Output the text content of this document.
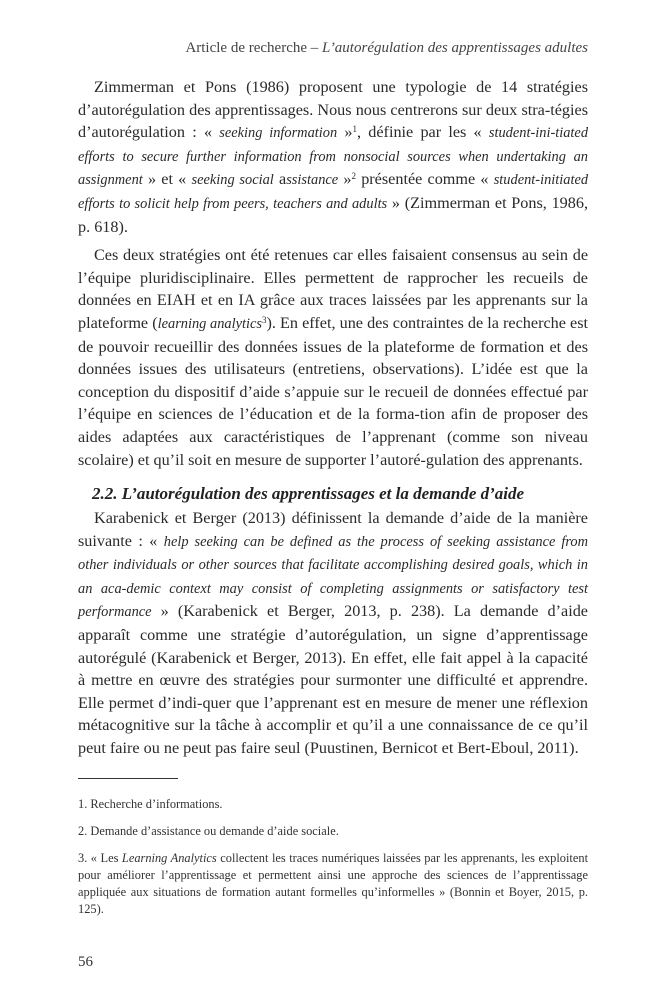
Article de recherche – L’autorégulation des apprentissages adultes

Zimmerman et Pons (1986) proposent une typologie de 14 stratégies d’autorégulation des apprentissages. Nous nous centrerons sur deux stra-tégies d’autorégulation : « seeking information »$^1$, définie par les « student-ini-tiated efforts to secure further information from nonsocial sources when undertaking an assignment » et « seeking social assistance »$^2$ présentée comme « student-initiated efforts to solicit help from peers, teachers and adults » (Zimmerman et Pons, 1986, p. 618).

Ces deux stratégies ont été retenues car elles faisaient consensus au sein de l’équipe pluridisciplinaire. Elles permettent de rapprocher les recueils de données en EIAH et en IA grâce aux traces laissées par les apprenants sur la plateforme (learning analytics$^3$). En effet, une des contraintes de la recherche est de pouvoir recueillir des données issues de la plateforme de formation et des données issues des utilisateurs (entretiens, observations). L’idée est que la conception du dispositif d’aide s’appuie sur le recueil de données effectué par l’équipe en sciences de l’éducation et de la forma-tion afin de proposer des aides adaptées aux caractéristiques de l’apprenant (comme son niveau scolaire) et qu’il soit en mesure de supporter l’autoré-gulation des apprenants.

2.2. L’autorégulation des apprentissages et la demande d’aide

Karabenick et Berger (2013) définissent la demande d’aide de la manière suivante : « help seeking can be defined as the process of seeking assistance from other individuals or other sources that facilitate accomplishing desired goals, which in an aca-demic context may consist of completing assignments or satisfactory test performance » (Karabenick et Berger, 2013, p. 238). La demande d’aide apparaît comme une stratégie d’autorégulation, un signe d’apprentissage autorégulé (Karabenick et Berger, 2013). En effet, elle fait appel à la capacité à mettre en œuvre des stratégies pour surmonter une difficulté et apprendre. Elle permet d’indi-quer que l’apprenant est en mesure de mener une réflexion métacognitive sur la tâche à accomplir et qu’il a une connaissance de ce qu’il peut faire ou ne peut pas faire seul (Puustinen, Bernicot et Bert-Eboul, 2011).

1. Recherche d’informations.
2. Demande d’assistance ou demande d’aide sociale.
3. « Les Learning Analytics collectent les traces numériques laissées par les apprenants, les exploitent pour améliorer l’apprentissage et permettent ainsi une approche des sciences de l’apprentissage appliquée aux situations de formation autant formelles qu’informelles » (Bonnin et Boyer, 2015, p. 125).
56
